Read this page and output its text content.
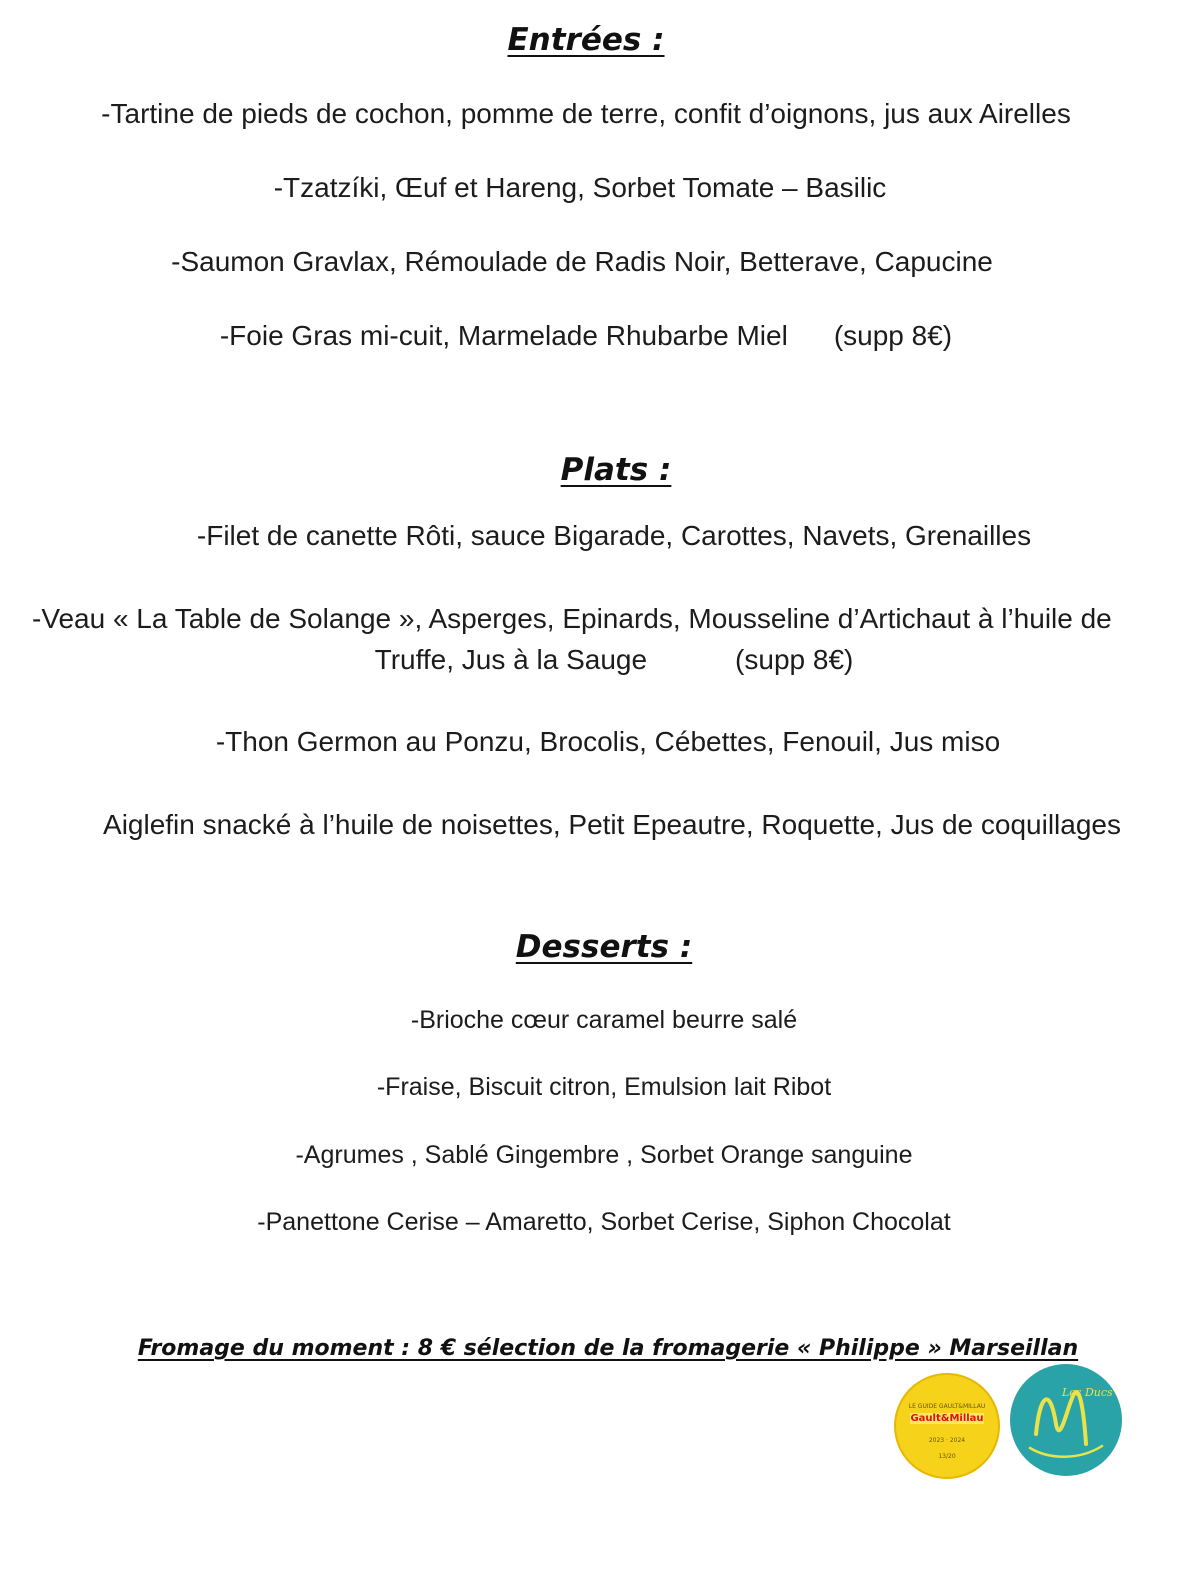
Entrées :

-Tartine de pieds de cochon, pomme de terre, confit d’oignons, jus aux Airelles

-Tzatzíki, Œuf et Hareng, Sorbet Tomate – Basilic

-Saumon Gravlax, Rémoulade de Radis Noir, Betterave, Capucine

-Foie Gras mi-cuit, Marmelade Rhubarbe Miel (supp 8€)

Plats :

-Filet de canette Rôti, sauce Bigarade, Carottes, Navets, Grenailles

-Veau « La Table de Solange », Asperges, Epinards, Mousseline d’Artichaut à l’huile de

Truffe, Jus à la Sauge	(supp 8€)

-Thon Germon au Ponzu, Brocolis, Cébettes, Fenouil, Jus miso

Aiglefin snacké à l’huile de noisettes, Petit Epeautre, Roquette, Jus de coquillages

Desserts :

-Brioche cœur caramel beurre salé

-Fraise, Biscuit citron, Emulsion lait Ribot

-Agrumes , Sablé Gingembre , Sorbet Orange sanguine

-Panettone Cerise – Amaretto, Sorbet Cerise, Siphon Chocolat

Fromage du moment : 8 € sélection de la fromagerie « Philippe » Marseillan

LE GUIDE GAULT&MILLAU
Gault&Millau
2023 · 2024
13/20
Les Ducs
